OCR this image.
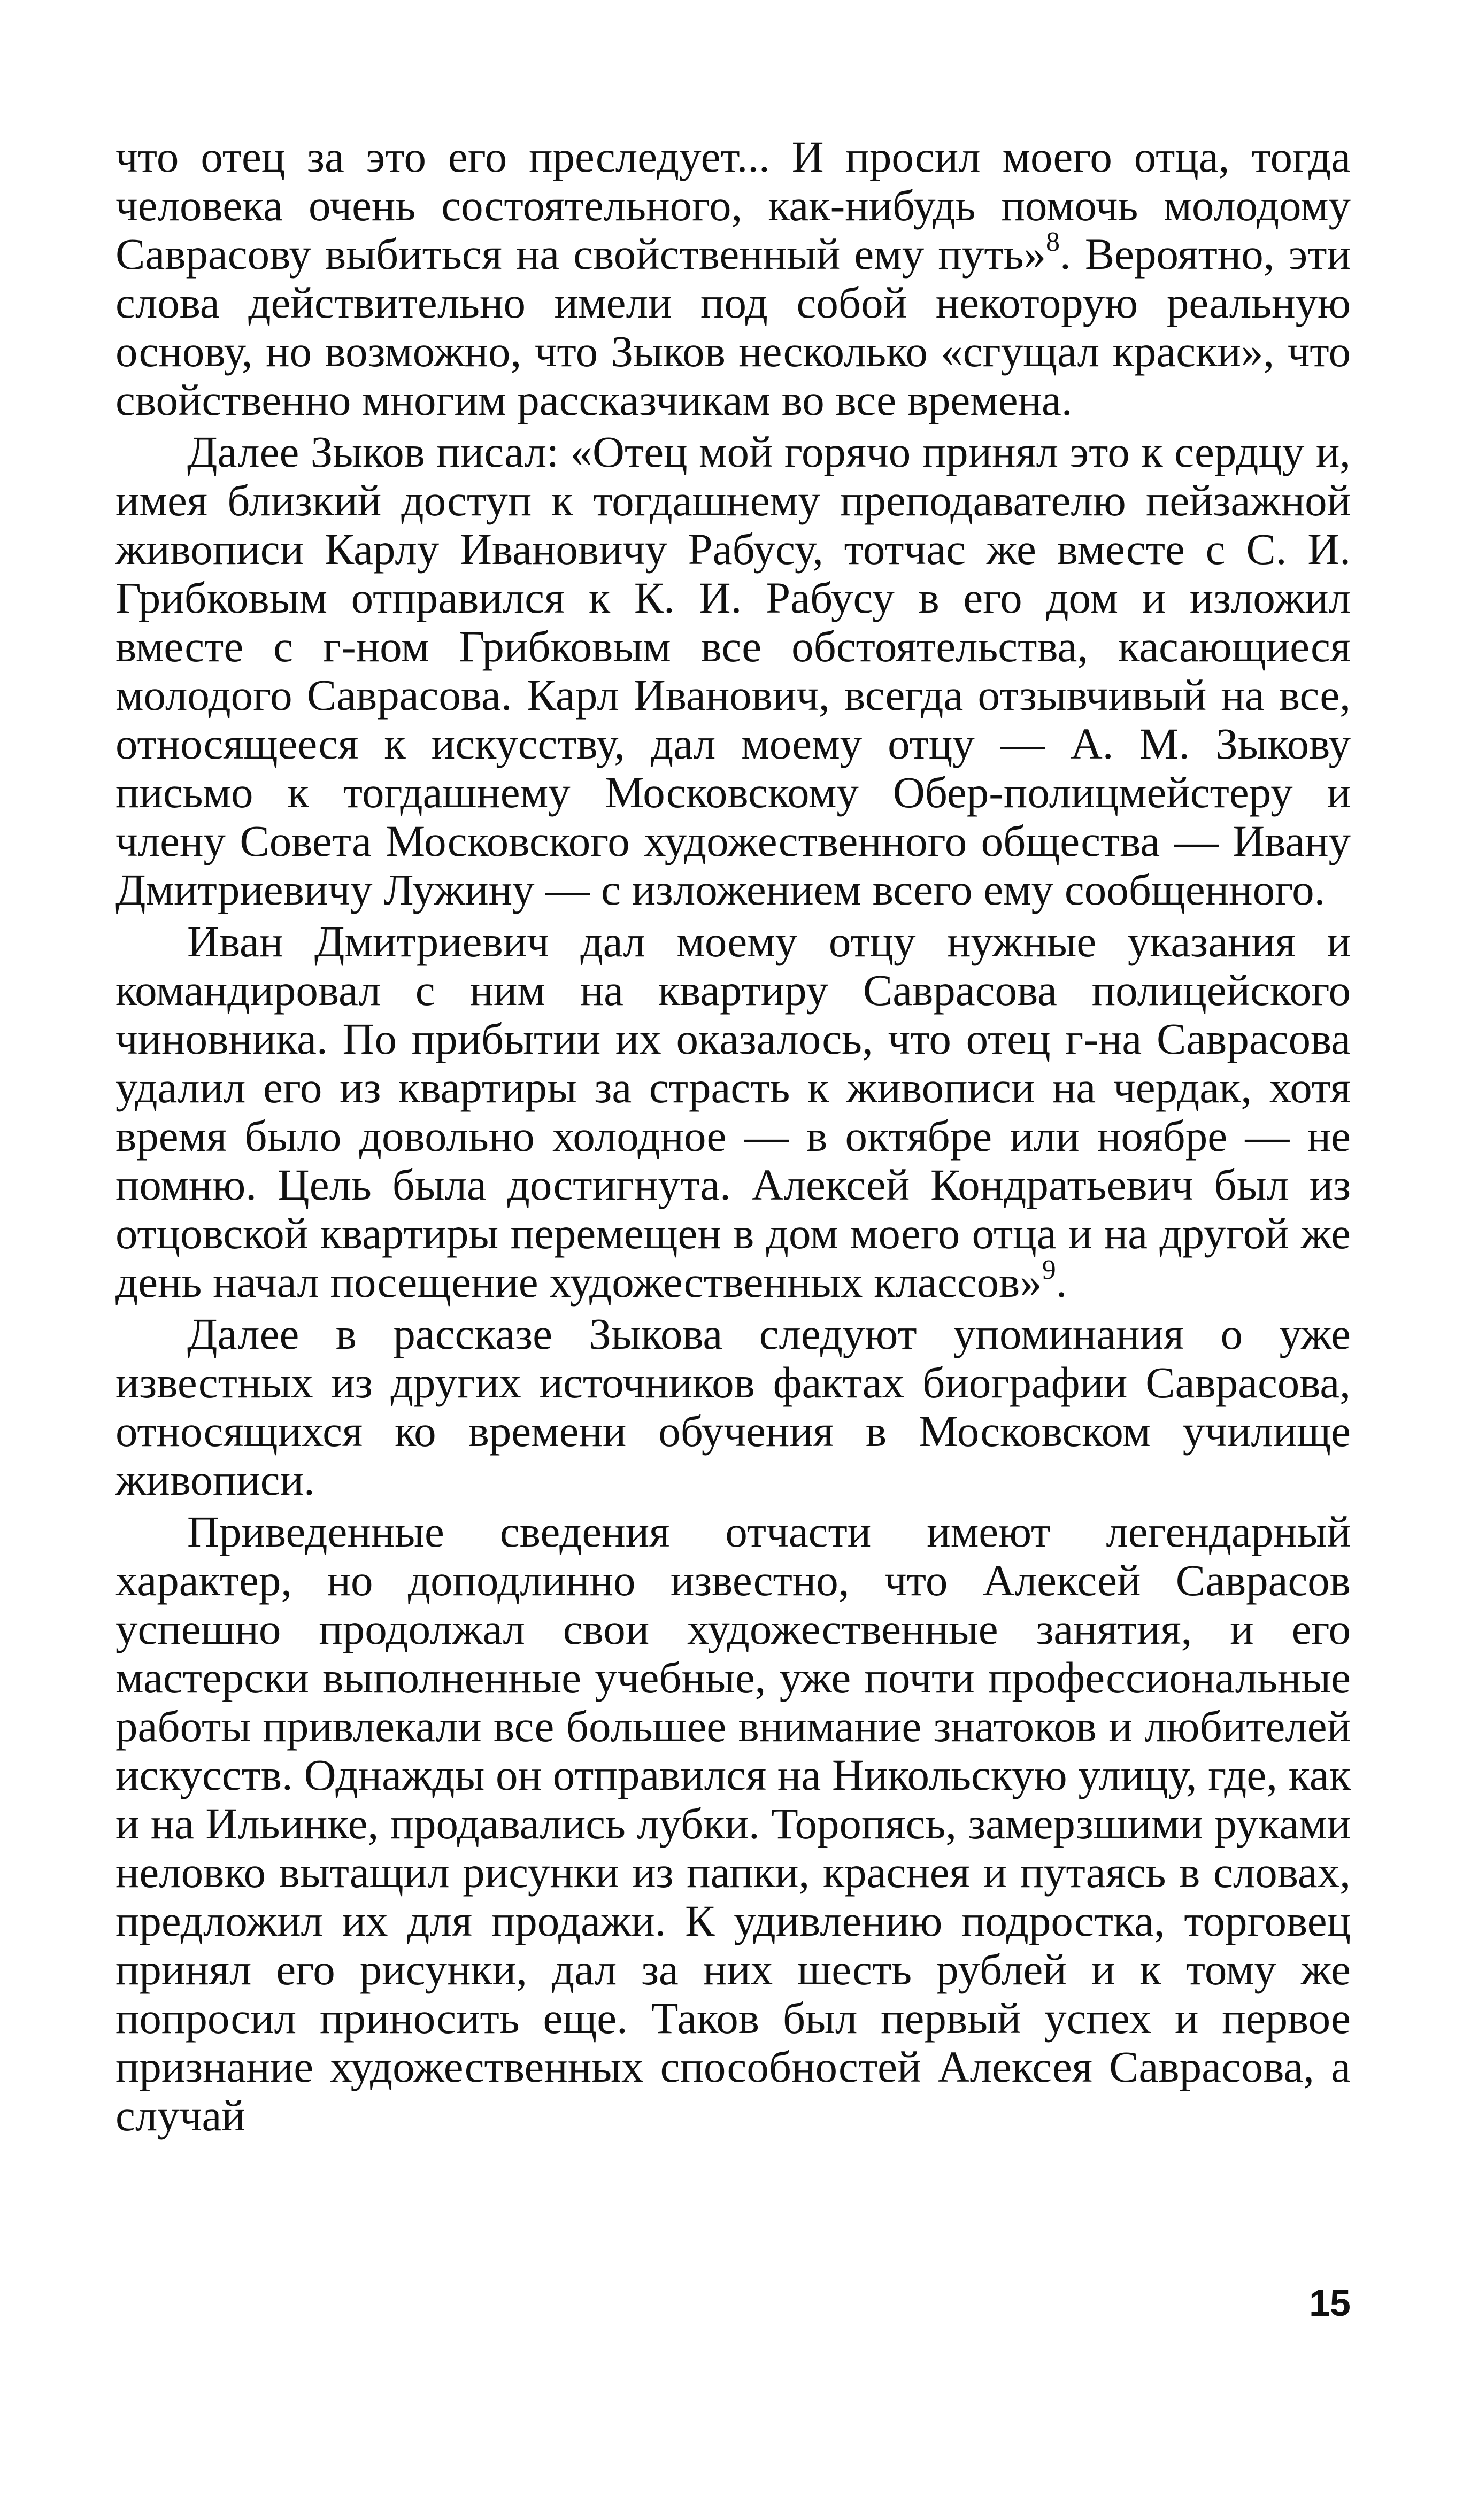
что отец за это его преследует... И просил моего отца, тогда человека очень состоятельного, как-нибудь помочь молодому Саврасову выбиться на свойственный ему путь»$^8$. Вероятно, эти слова действительно имели под собой некоторую реальную основу, но возможно, что Зыков несколько «сгущал краски», что свойственно многим рассказчикам во все времена.

Далее Зыков писал: «Отец мой горячо принял это к сердцу и, имея близкий доступ к тогдашнему преподавателю пейзажной живописи Карлу Ивановичу Рабусу, тотчас же вместе с С. И. Грибковым отправился к К. И. Рабусу в его дом и изложил вместе с г-ном Грибковым все обстоятельства, касающиеся молодого Саврасова. Карл Иванович, всегда отзывчивый на все, относящееся к искусству, дал моему отцу — А. М. Зыкову письмо к тогдашнему Московскому Обер-полицмейстеру и члену Совета Московского художественного общества — Ивану Дмитриевичу Лужину — с изложением всего ему сообщенного.

Иван Дмитриевич дал моему отцу нужные указания и командировал с ним на квартиру Саврасова полицейского чиновника. По прибытии их оказалось, что отец г-на Саврасова удалил его из квартиры за страсть к живописи на чердак, хотя время было довольно холодное — в октябре или ноябре — не помню. Цель была достигнута. Алексей Кондратьевич был из отцовской квартиры перемещен в дом моего отца и на другой же день начал посещение художественных классов»$^9$.

Далее в рассказе Зыкова следуют упоминания о уже известных из других источников фактах биографии Саврасова, относящихся ко времени обучения в Московском училище живописи.

Приведенные сведения отчасти имеют легендарный характер, но доподлинно известно, что Алексей Саврасов успешно продолжал свои художественные занятия, и его мастерски выполненные учебные, уже почти профессиональные работы привлекали все большее внимание знатоков и любителей искусств. Однажды он отправился на Никольскую улицу, где, как и на Ильинке, продавались лубки. Торопясь, замерзшими руками неловко вытащил рисунки из папки, краснея и путаясь в словах, предложил их для продажи. К удивлению подростка, торговец принял его рисунки, дал за них шесть рублей и к тому же попросил приносить еще. Таков был первый успех и первое признание художественных способностей Алексея Саврасова, а случай

15
